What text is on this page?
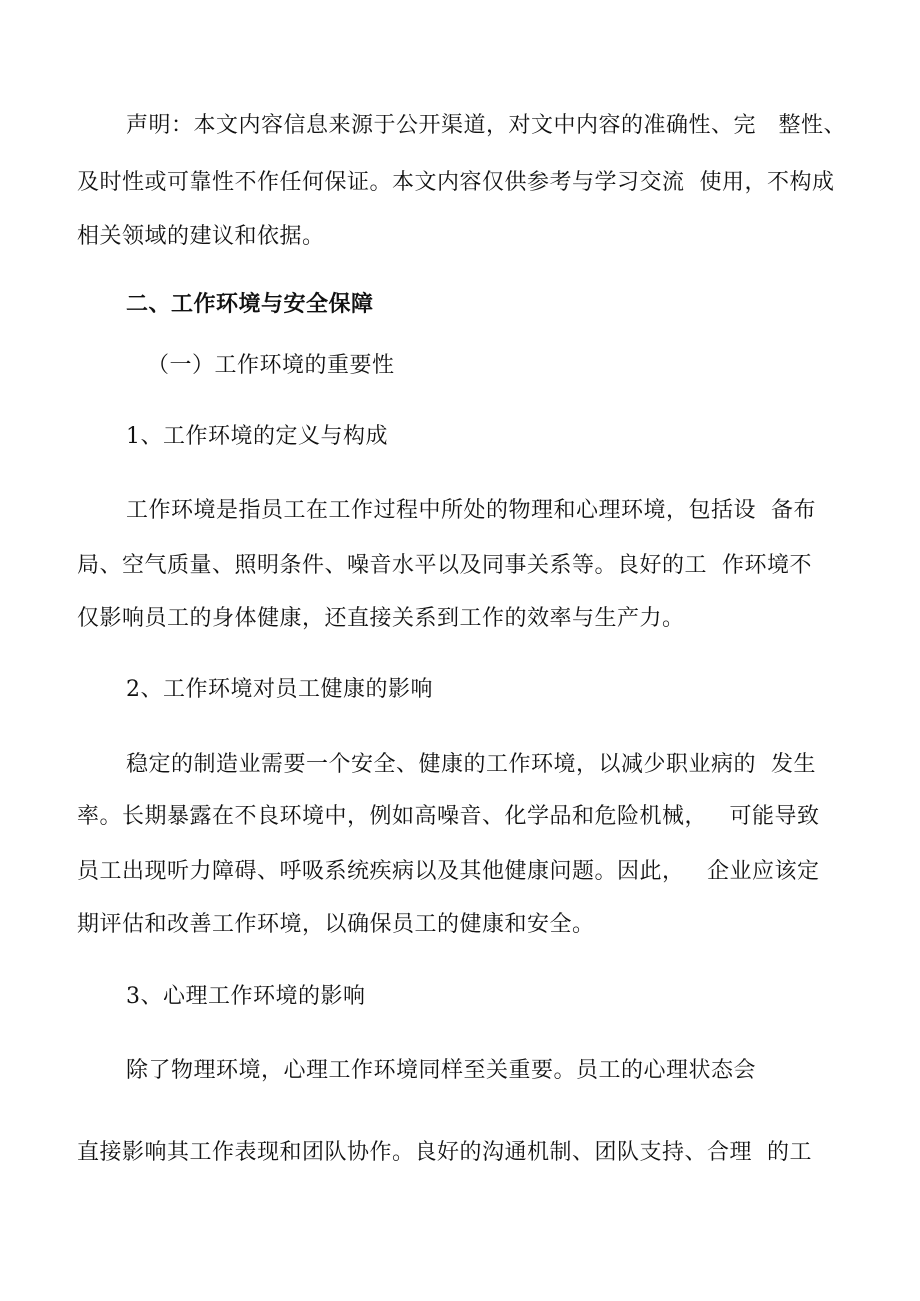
声明：本文内容信息来源于公开渠道，对文中内容的准确性、完   整性、
及时性或可靠性不作任何保证。本文内容仅供参考与学习交流  使用，不构成
相关领域的建议和依据。
二、工作环境与安全保障
（一）工作环境的重要性
1、工作环境的定义与构成
工作环境是指员工在工作过程中所处的物理和心理环境，包括设  备布
局、空气质量、照明条件、噪音水平以及同事关系等。良好的工  作环境不
仅影响员工的身体健康，还直接关系到工作的效率与生产力。
2、工作环境对员工健康的影响
稳定的制造业需要一个安全、健康的工作环境，以减少职业病的  发生
率。长期暴露在不良环境中，例如高噪音、化学品和危险机械，   可能导致
员工出现听力障碍、呼吸系统疾病以及其他健康问题。因此，   企业应该定
期评估和改善工作环境，以确保员工的健康和安全。
3、心理工作环境的影响
除了物理环境，心理工作环境同样至关重要。员工的心理状态会
直接影响其工作表现和团队协作。良好的沟通机制、团队支持、合理  的工
